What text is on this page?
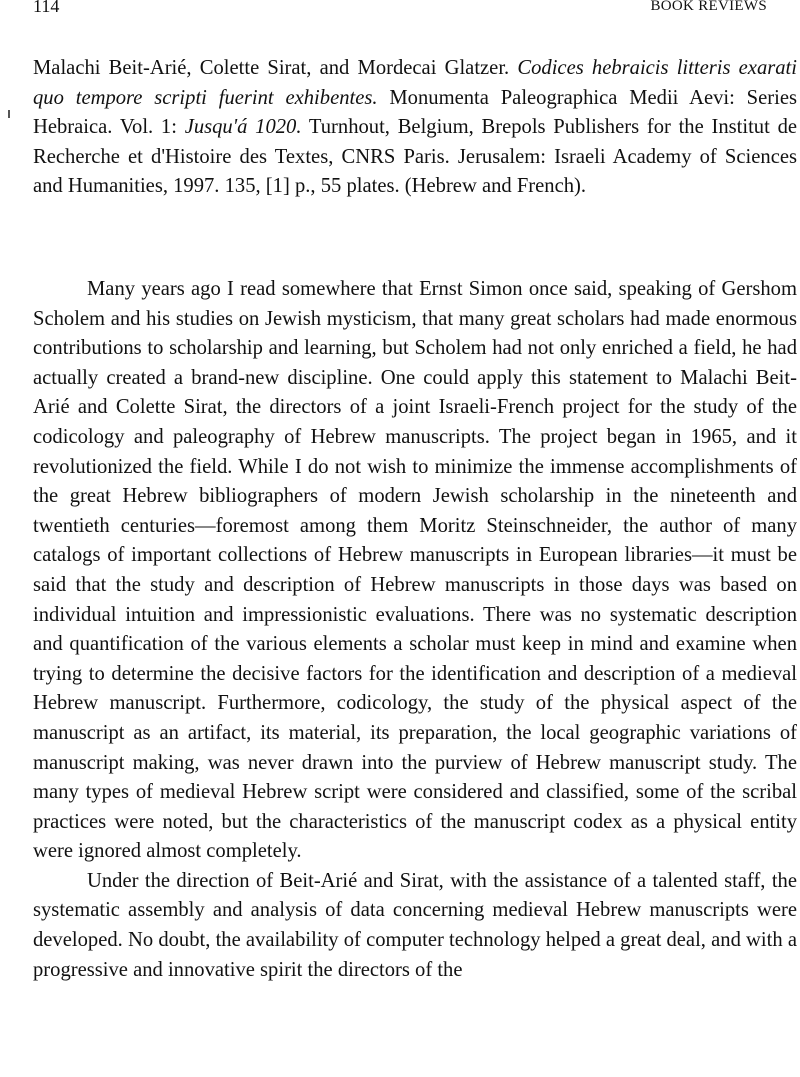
114	BOOK REVIEWS
Malachi Beit-Arié, Colette Sirat, and Mordecai Glatzer. Codices hebraicis litteris exarati quo tempore scripti fuerint exhibentes. Monumenta Paleographica Medii Aevi: Series Hebraica. Vol. 1: Jusqu'á 1020. Turnhout, Belgium, Brepols Publishers for the Institut de Recherche et d'Histoire des Textes, CNRS Paris. Jerusalem: Israeli Academy of Sciences and Humanities, 1997. 135, [1] p., 55 plates. (Hebrew and French).

Many years ago I read somewhere that Ernst Simon once said, speaking of Gershom Scholem and his studies on Jewish mysticism, that many great scholars had made enormous contributions to scholarship and learning, but Scholem had not only enriched a field, he had actually created a brand-new discipline. One could apply this statement to Malachi Beit-Arié and Colette Sirat, the directors of a joint Israeli-French project for the study of the codicology and paleography of Hebrew manuscripts. The project began in 1965, and it revolutionized the field. While I do not wish to minimize the immense accomplishments of the great Hebrew bibliographers of modern Jewish scholarship in the nineteenth and twentieth centuries—foremost among them Moritz Steinschneider, the author of many catalogs of important collections of Hebrew manuscripts in European libraries—it must be said that the study and description of Hebrew manuscripts in those days was based on individual intuition and impressionistic evaluations. There was no systematic description and quantification of the various elements a scholar must keep in mind and examine when trying to determine the decisive factors for the identification and description of a medieval Hebrew manuscript. Furthermore, codicology, the study of the physical aspect of the manuscript as an artifact, its material, its preparation, the local geographic variations of manuscript making, was never drawn into the purview of Hebrew manuscript study. The many types of medieval Hebrew script were considered and classified, some of the scribal practices were noted, but the characteristics of the manuscript codex as a physical entity were ignored almost completely.

Under the direction of Beit-Arié and Sirat, with the assistance of a talented staff, the systematic assembly and analysis of data concerning medieval Hebrew manuscripts were developed. No doubt, the availability of computer technology helped a great deal, and with a progressive and innovative spirit the directors of the
